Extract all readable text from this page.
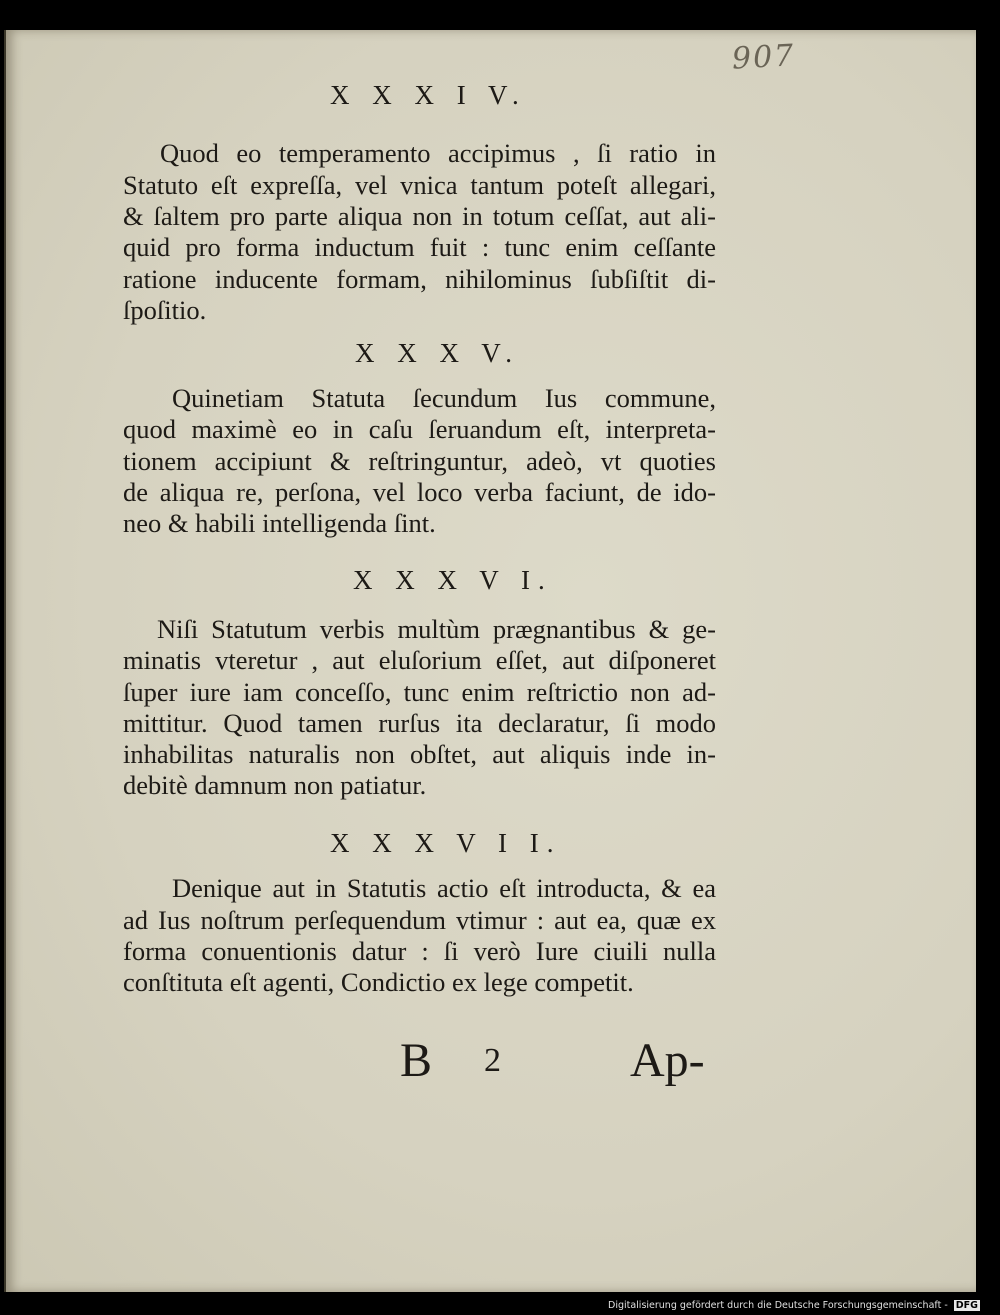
907
X X X I V.
Quod eo temperamento accipimus , ſi ratio in
Statuto eſt expreſſa, vel vnica tantum poteſt allegari,
& ſaltem pro parte aliqua non in totum ceſſat, aut ali-
quid pro forma inductum fuit : tunc enim ceſſante
ratione inducente formam, nihilominus ſubſiſtit di-
ſpoſitio.
X X X V.
Quinetiam Statuta ſecundum Ius commune,
quod maximè eo in caſu ſeruandum eſt, interpreta-
tionem accipiunt & reſtringuntur, adeò, vt quoties
de aliqua re, perſona, vel loco verba faciunt, de ido-
neo & habili intelligenda ſint.
X X X V I.
Niſi Statutum verbis multùm prægnantibus & ge-
minatis vteretur , aut eluſorium eſſet, aut diſponeret
ſuper iure iam conceſſo, tunc enim reſtrictio non ad-
mittitur. Quod tamen rurſus ita declaratur, ſi modo
inhabilitas naturalis non obſtet, aut aliquis inde in-
debitè damnum non patiatur.
X X X V I I.
Denique aut in Statutis actio eſt introducta, & ea
ad Ius noſtrum perſequendum vtimur : aut ea, quæ ex
forma conuentionis datur : ſi verò Iure ciuili nulla
conſtituta eſt agenti, Condictio ex lege competit.
B 2	Ap-
Digitalisierung gefördert durch die Deutsche Forschungsgemeinschaft - DFG
